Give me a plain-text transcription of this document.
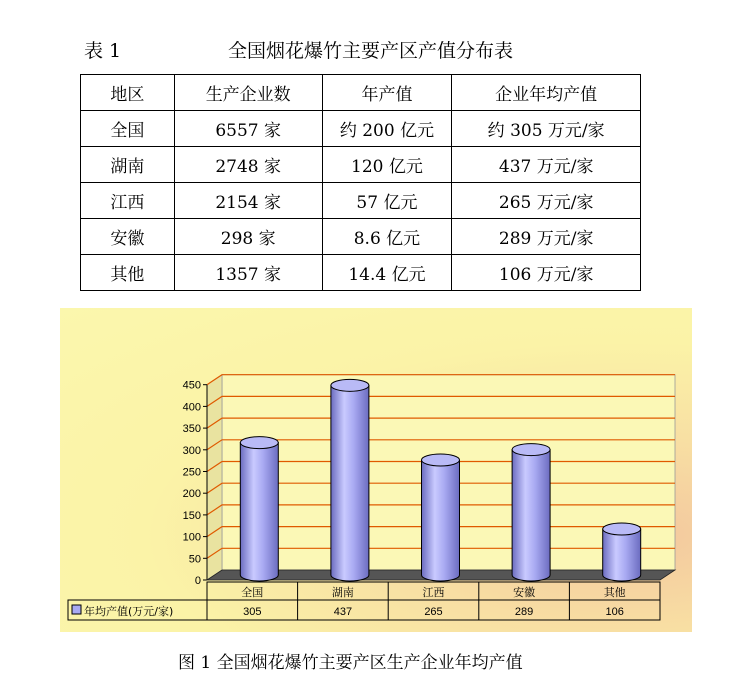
表 1	全国烟花爆竹主要产区产值分布表
地区	生产企业数	年产值	企业年均产值
全国	6557 家	约 200 亿元	约 305 万元/家
湖南	2748 家	120 亿元	437 万元/家
江西	2154 家	57 亿元	265 万元/家
安徽	298 家	8.6 亿元	289 万元/家
其他	1357 家	14.4 亿元	106 万元/家
0
50
100
150
200
250
300
350
400
450
全国	湖南	江西	安徽	其他
305	437	265	289	106
年均产值(万元/家)
图 1 全国烟花爆竹主要产区生产企业年均产值
